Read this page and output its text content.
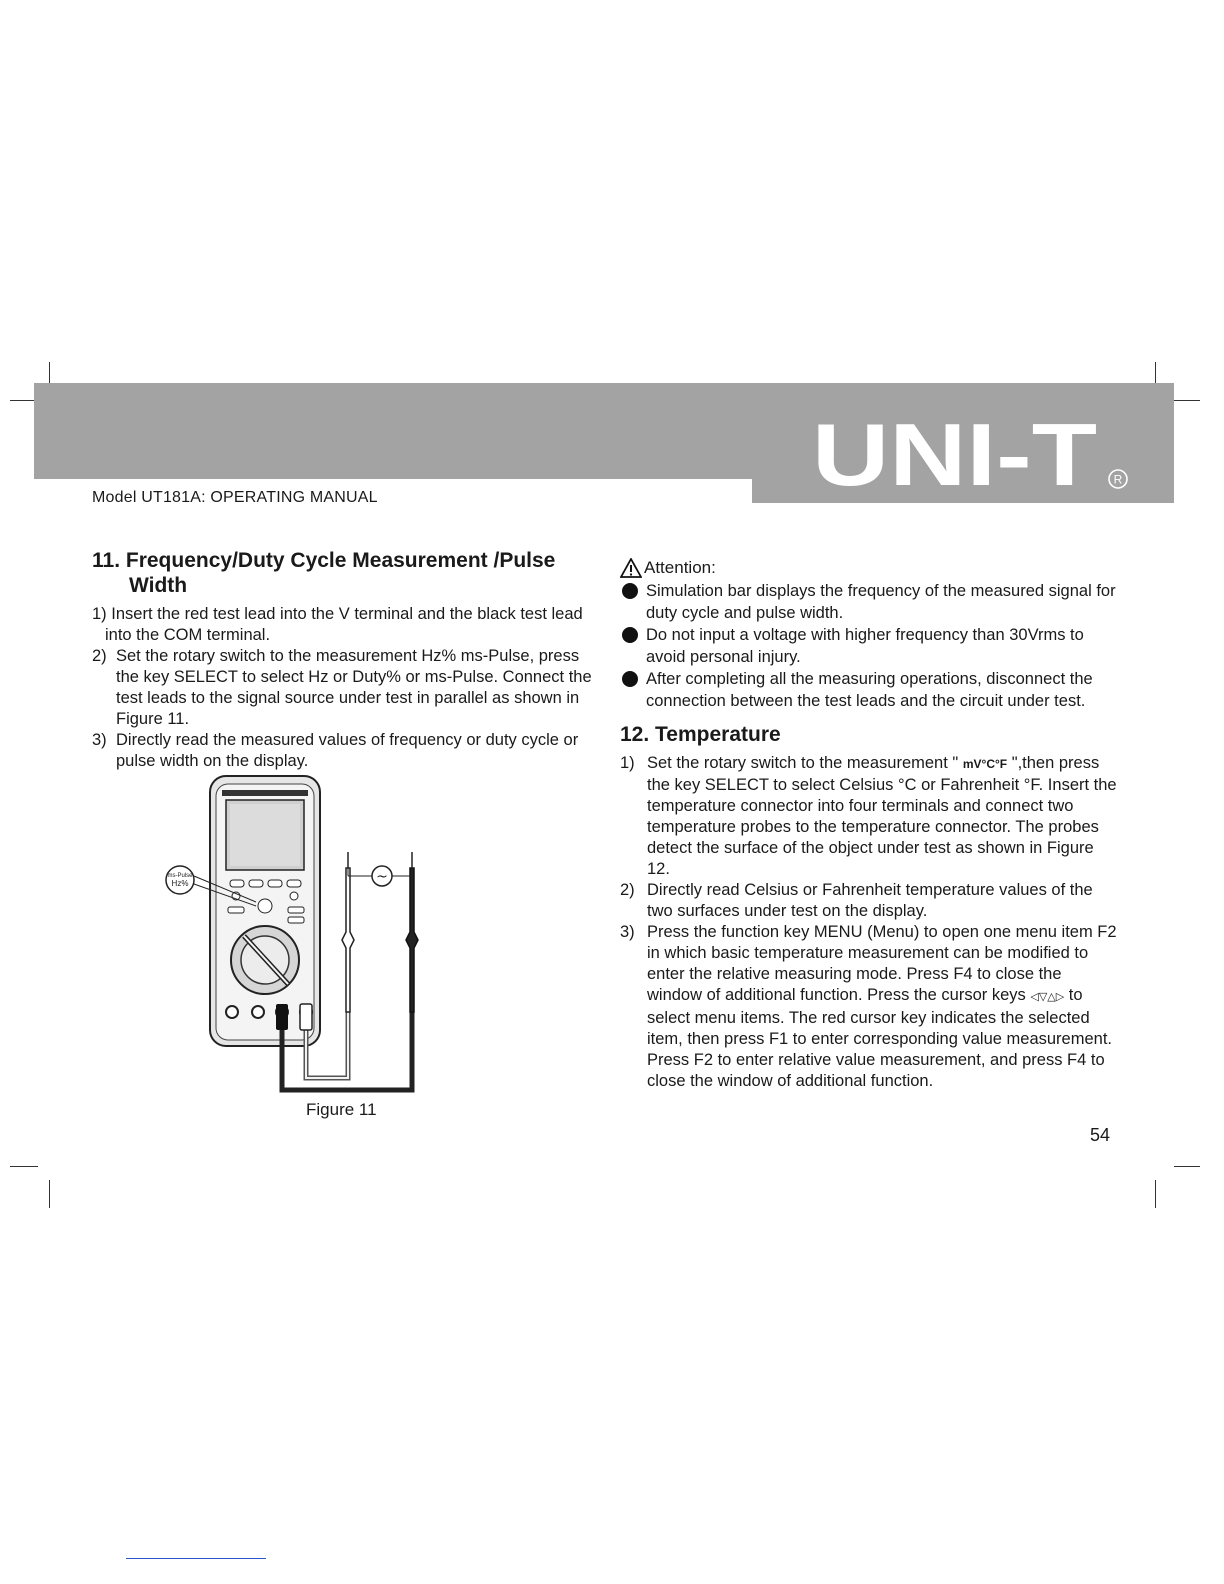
UNI-T R
Model UT181A: OPERATING MANUAL
11. Frequency/Duty Cycle Measurement /Pulse
Width
1) Insert the red test lead into the V terminal and the black test lead into the COM terminal.
2) Set the rotary switch to the measurement Hz% ms-Pulse, press the key SELECT to select Hz or Duty% or ms-Pulse. Connect the test leads to the signal source under test in parallel as shown in Figure 11.
3) Directly read the measured values of frequency or duty cycle or pulse width on the display.
ms-Pulse
Hz%	~
Figure 11
Attention:
Simulation bar displays the frequency of the measured signal for duty cycle and pulse width.
Do not input a voltage with higher frequency than 30Vrms to avoid personal injury.
After completing all the measuring operations, disconnect the connection between the test leads and the circuit under test.
12. Temperature
1) Set the rotary switch to the measurement " mV°C°F ",then press the key SELECT to select Celsius °C or Fahrenheit °F. Insert the temperature connector into four terminals and connect two temperature probes to the temperature connector. The probes detect the surface of the object under test as shown in Figure 12.
2) Directly read Celsius or Fahrenheit temperature values of the two surfaces under test on the display.
3) Press the function key MENU (Menu) to open one menu item F2 in which basic temperature measurement can be modified to enter the relative measuring mode. Press F4 to close the window of additional function. Press the cursor keys ◁▽△▷ to select menu items. The red cursor key indicates the selected item, then press F1 to enter corresponding value measurement. Press F2 to enter relative value measurement, and press F4 to close the window of additional function.
54
